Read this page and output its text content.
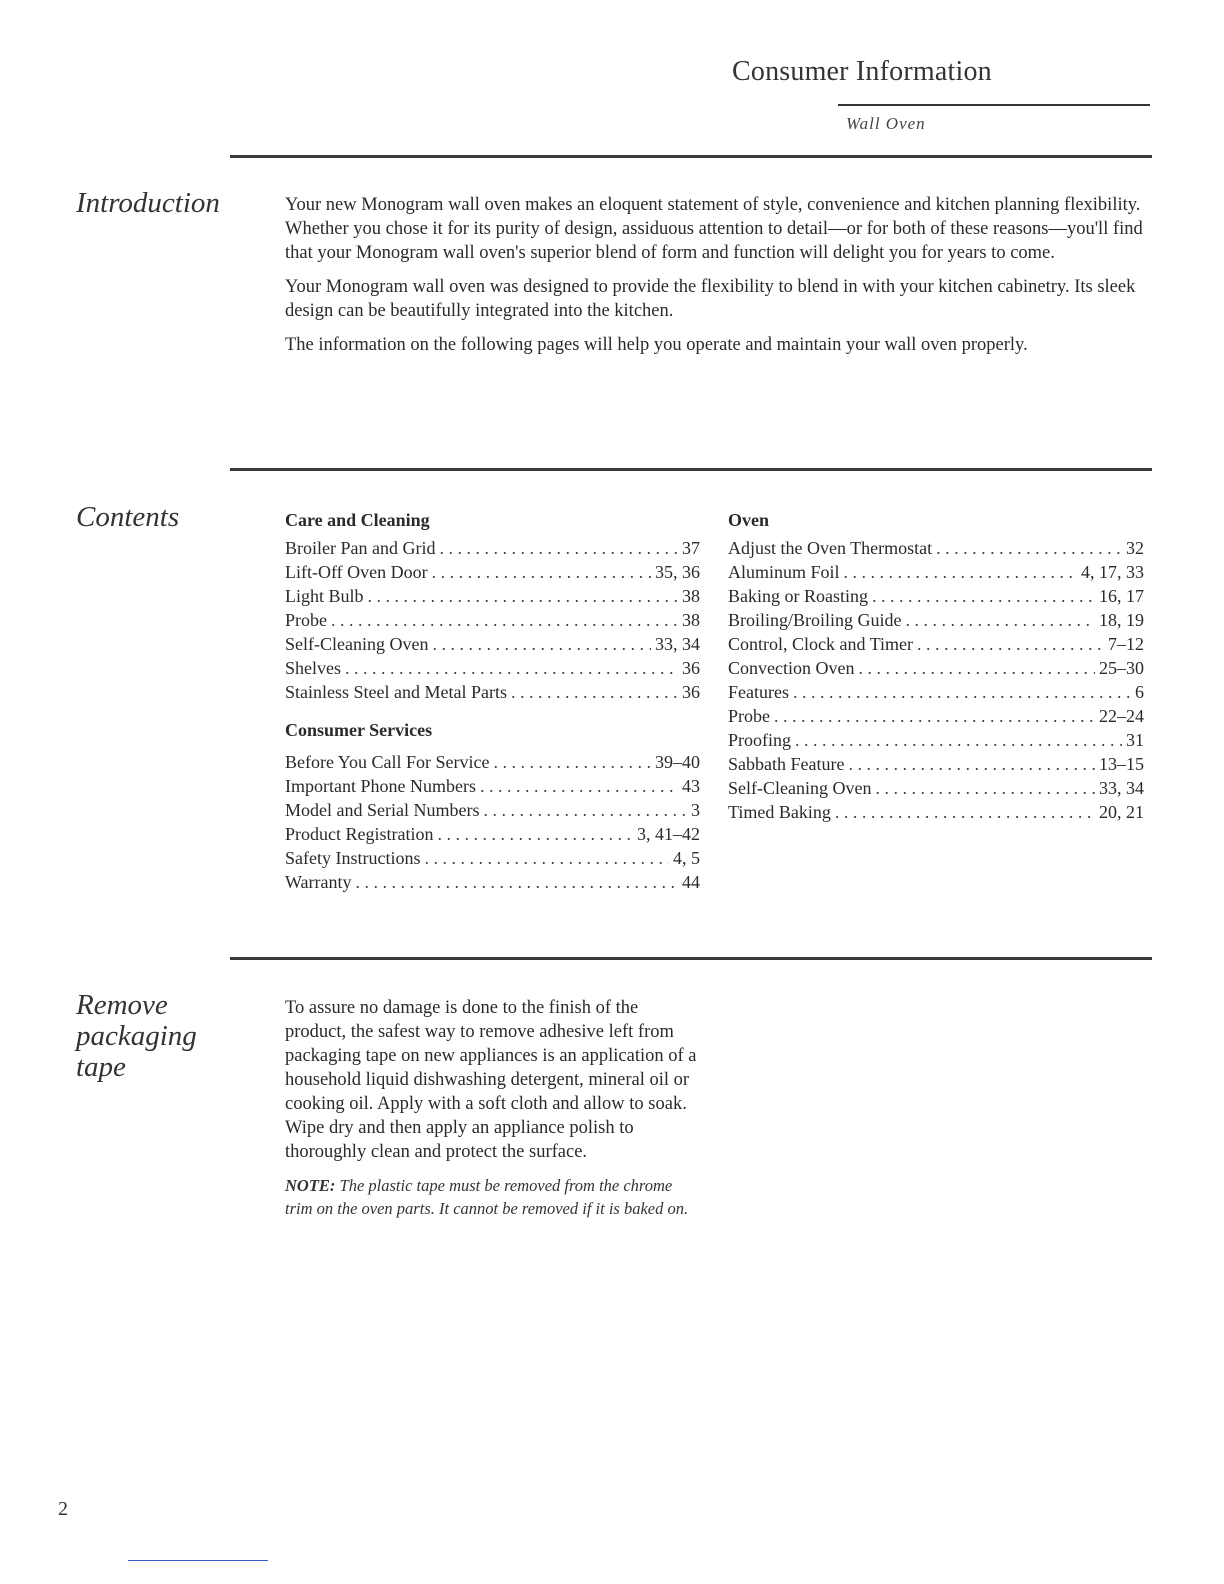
Consumer Information
Wall Oven
Introduction	Your new Monogram wall oven makes an eloquent statement of style, convenience and kitchen planning flexibility. Whether you chose it for its purity of design, assiduous attention to detail—or for both of these reasons—you'll find that your Monogram wall oven's superior blend of form and function will delight you for years to come.

Your Monogram wall oven was designed to provide the flexibility to blend in with your kitchen cabinetry. Its sleek design can be beautifully integrated into the kitchen.

The information on the following pages will help you operate and maintain your wall oven properly.

Contents	Care and Cleaning
Broiler Pan and Grid . . .	37
Lift-Off Oven Door . . .	35, 36
Light Bulb . . .	38
Probe . . .	38
Self-Cleaning Oven . . .	33, 34
Shelves . . .	36
Stainless Steel and Metal Parts . . .	36
Consumer Services
Before You Call For Service . . .	39–40
Important Phone Numbers . . .	43
Model and Serial Numbers . . .	3
Product Registration . . .	3, 41–42
Safety Instructions . . .	4, 5
Warranty . . .	44
Oven
Adjust the Oven Thermostat . . .	32
Aluminum Foil . . .	4, 17, 33
Baking or Roasting . . .	16, 17
Broiling/Broiling Guide . . .	18, 19
Control, Clock and Timer . . .	7–12
Convection Oven . . .	25–30
Features . . .	6
Probe . . .	22–24
Proofing . . .	31
Sabbath Feature . . .	13–15
Self-Cleaning Oven . . .	33, 34
Timed Baking . . .	20, 21
Remove
packaging
tape

To assure no damage is done to the finish of the product, the safest way to remove adhesive left from packaging tape on new appliances is an application of a household liquid dishwashing detergent, mineral oil or cooking oil. Apply with a soft cloth and allow to soak. Wipe dry and then apply an appliance polish to thoroughly clean and protect the surface.

NOTE: The plastic tape must be removed from the chrome trim on the oven parts. It cannot be removed if it is baked on.

2
